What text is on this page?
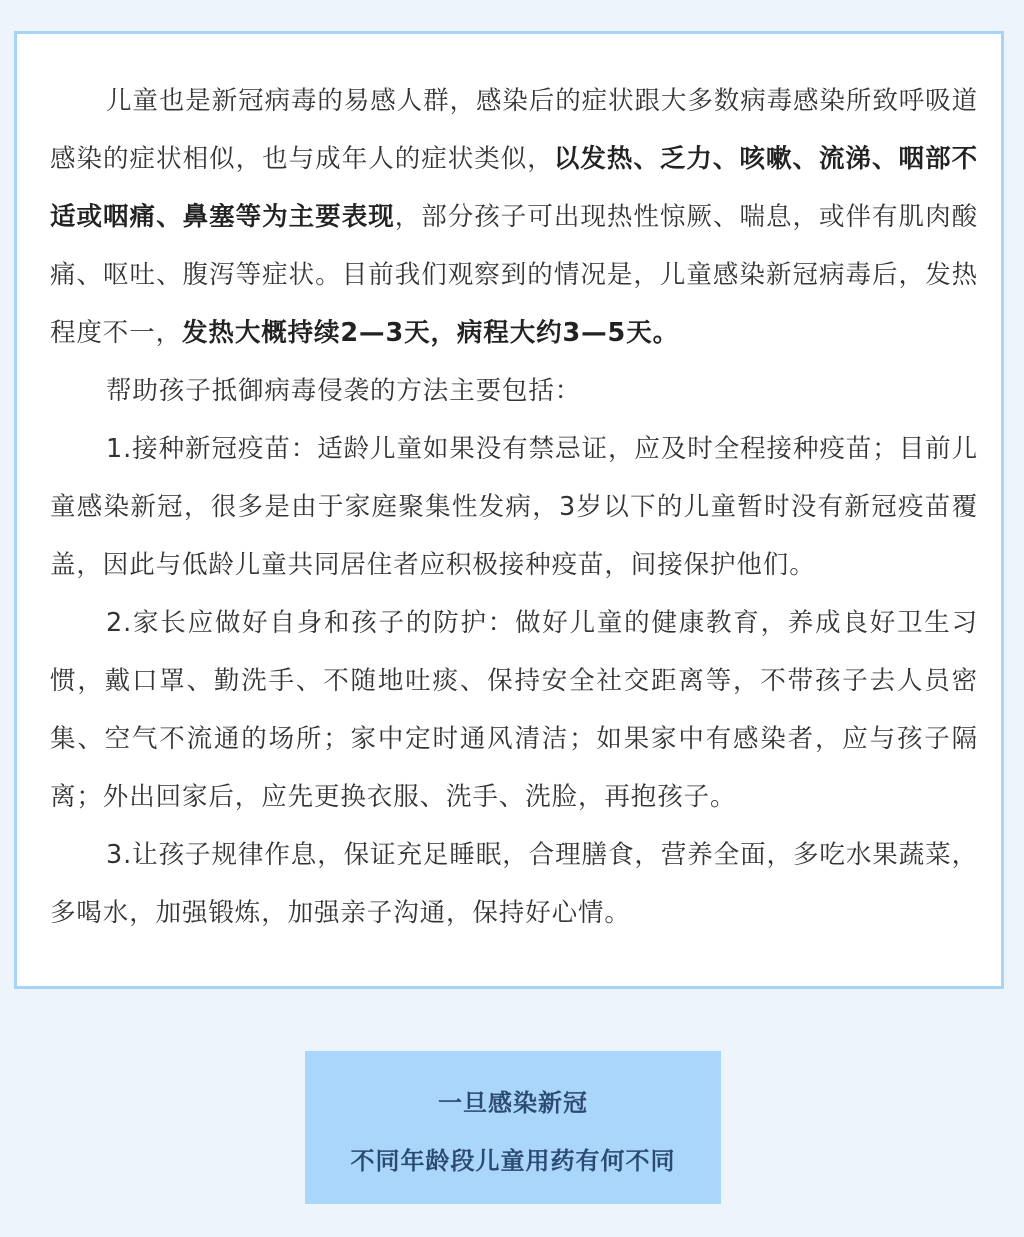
儿童也是新冠病毒的易感人群，感染后的症状跟大多数病毒感染所致呼吸道感染的症状相似，也与成年人的症状类似，以发热、乏力、咳嗽、流涕、咽部不适或咽痛、鼻塞等为主要表现，部分孩子可出现热性惊厥、喘息，或伴有肌肉酸痛、呕吐、腹泻等症状。目前我们观察到的情况是，儿童感染新冠病毒后，发热程度不一，发热大概持续2—3天，病程大约3—5天。

帮助孩子抵御病毒侵袭的方法主要包括：

1.接种新冠疫苗：适龄儿童如果没有禁忌证，应及时全程接种疫苗；目前儿童感染新冠，很多是由于家庭聚集性发病，3岁以下的儿童暂时没有新冠疫苗覆盖，因此与低龄儿童共同居住者应积极接种疫苗，间接保护他们。

2.家长应做好自身和孩子的防护：做好儿童的健康教育，养成良好卫生习惯，戴口罩、勤洗手、不随地吐痰、保持安全社交距离等，不带孩子去人员密集、空气不流通的场所；家中定时通风清洁；如果家中有感染者，应与孩子隔离；外出回家后，应先更换衣服、洗手、洗脸，再抱孩子。

3.让孩子规律作息，保证充足睡眠，合理膳食，营养全面，多吃水果蔬菜，多喝水，加强锻炼，加强亲子沟通，保持好心情。

一旦感染新冠
不同年龄段儿童用药有何不同
